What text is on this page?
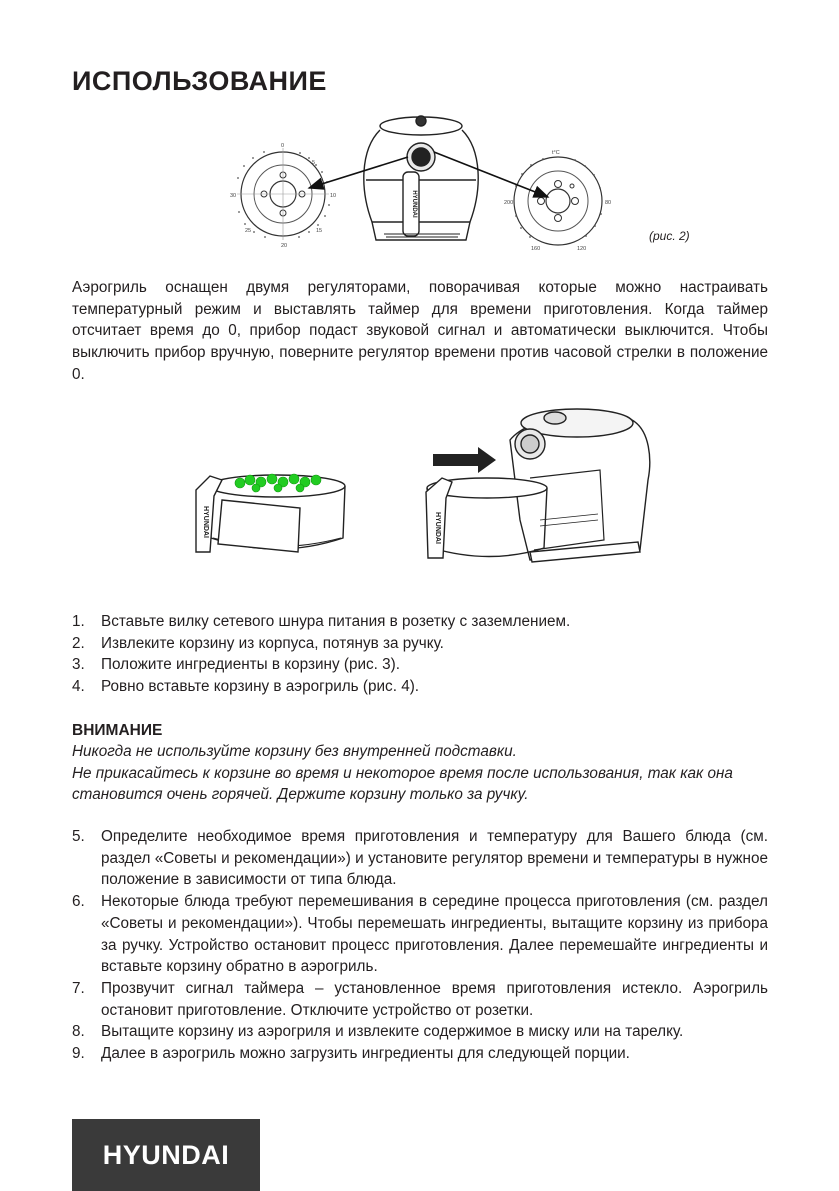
ИСПОЛЬЗОВАНИЕ
0
5
10
15
20
25
30	HYUNDAI
t°C
80
120
160
200
(рис. 2)

Аэрогриль оснащен двумя регуляторами, поворачивая которые можно настраивать температурный режим и выставлять таймер для времени приготовления. Когда таймер отсчитает время до 0, прибор подаст звуковой сигнал и автоматически выключится. Чтобы выключить прибор вручную, поверните регулятор времени против часовой стрелки в положение 0.

HYUNDAI	HYUNDAI
1. Вставьте вилку сетевого шнура питания в розетку с заземлением.
2. Извлеките корзину из корпуса, потянув за ручку.
3. Положите ингредиенты в корзину (рис. 3).
4. Ровно вставьте корзину в аэрогриль (рис. 4).
ВНИМАНИЕ
Никогда не используйте корзину без внутренней подставки.
Не прикасайтесь к корзине во время и некоторое время после использования, так как она становится очень горячей. Держите корзину только за ручку.
5. Определите необходимое время приготовления и температуру для Вашего блюда (см. раздел «Советы и рекомендации») и установите регулятор времени и температуры в нужное положение в зависимости от типа блюда.
6. Некоторые блюда требуют перемешивания в середине процесса приготовления (см. раздел «Советы и рекомендации»). Чтобы перемешать ингредиенты, вытащите корзину из прибора за ручку. Устройство остановит процесс приготовления. Далее перемешайте ингредиенты и вставьте корзину обратно в аэрогриль.
7. Прозвучит сигнал таймера – установленное время приготовления истекло. Аэрогриль остановит приготовление. Отключите устройство от розетки.
8. Вытащите корзину из аэрогриля и извлеките содержимое в миску или на тарелку.
9. Далее в аэрогриль можно загрузить ингредиенты для следующей порции.
HYUNDAI
